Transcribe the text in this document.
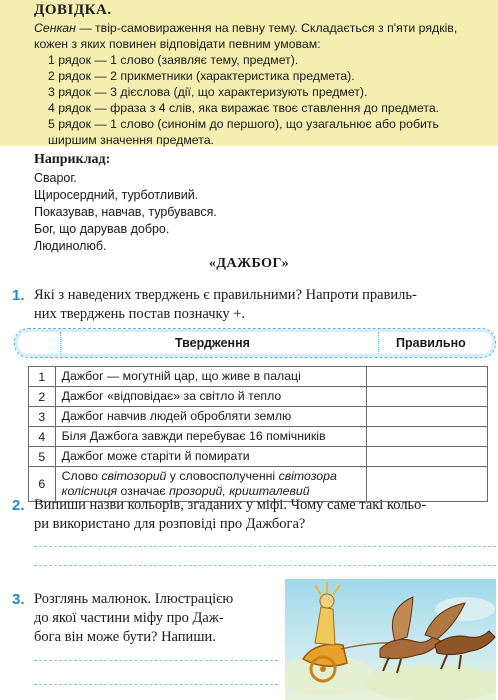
ДОВІДКА.

Сенкан — твір-самовираження на певну тему. Складається з п'яти рядків, кожен з яких повинен відповідати певним умовам:

1 рядок — 1 слово (заявляє тему, предмет).

2 рядок — 2 прикметники (характеристика предмета).

3 рядок — 3 дієслова (дії, що характеризують предмет).

4 рядок — фраза з 4 слів, яка виражає твоє ставлення до предмета.

5 рядок — 1 слово (синонім до першого), що узагальнює або робить ширшим значення предмета.

Наприклад:

Сварог.

Щиросердний, турботливий.

Показував, навчав, турбувався.

Бог, що дарував добро.

Людинолюб.

«ДАЖБОГ»
1. Які з наведених тверджень є правильними? Напроти правиль-

них тверджень постав позначку +.

Твердження	Правильно
1	Дажбог — могутній цар, що живе в палаці	
2	Дажбог «відповідає» за світло й тепло	
3	Дажбог навчив людей обробляти землю	
4	Біля Дажбога завжди перебуває 16 помічників	
5	Дажбог може старіти й помирати	
6	Слово світозорий у словосполученні світозора
колісниця означає прозорий, кришталевий	
2. Випиши назви кольорів, згаданих у міфі. Чому саме такі кольо-

ри використано для розповіді про Дажбога?

3. Розглянь малюнок. Ілюстрацією

до якої частини міфу про Даж-

бога він може бути? Напиши.
